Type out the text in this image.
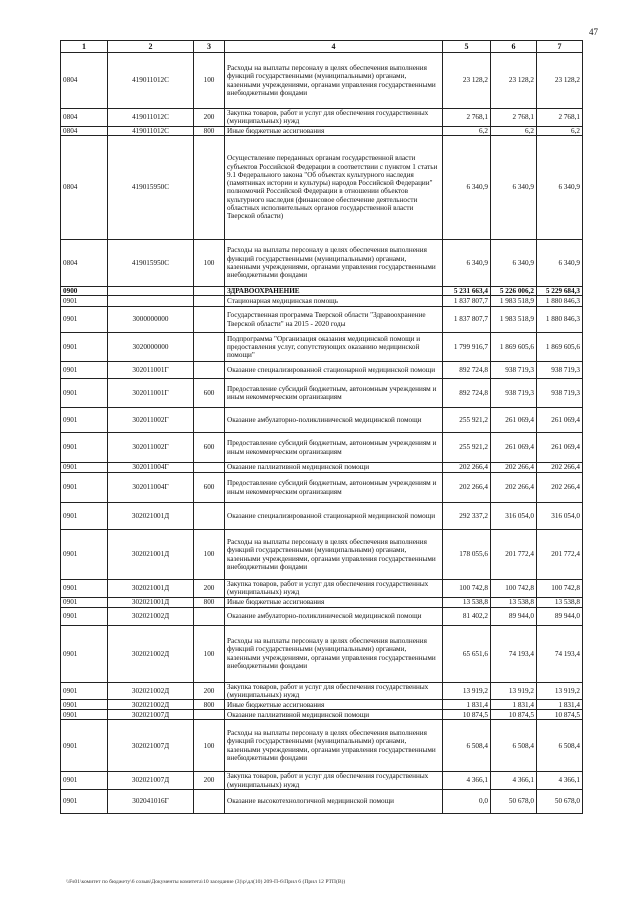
47
1	2	3	4	5	6	7
0804	419011012С	100	Расходы на выплаты персоналу в целях обеспечения выполнения функций государственными (муниципальными) органами, казенными учреждениями, органами управления государственными внебюджетными фондами	23 128,2	23 128,2	23 128,2
0804	419011012С	200	Закупка товаров, работ и услуг для обеспечения государственных (муниципальных) нужд	2 768,1	2 768,1	2 768,1
0804	419011012С	800	Иные бюджетные ассигнования	6,2	6,2	6,2
0804	419015950С		Осуществление переданных органам государственной власти субъектов Российской Федерации в соответствии с пунктом 1 статьи 9.1 Федерального закона "Об объектах культурного наследия (памятниках истории и культуры) народов Российской Федерации" полномочий Российской Федерации в отношении объектов культурного наследия (финансовое обеспечение деятельности областных исполнительных органов государственной власти Тверской области)	6 340,9	6 340,9	6 340,9
0804	419015950С	100	Расходы на выплаты персоналу в целях обеспечения выполнения функций государственными (муниципальными) органами, казенными учреждениями, органами управления государственными внебюджетными фондами	6 340,9	6 340,9	6 340,9
0900			ЗДРАВООХРАНЕНИЕ	5 231 663,4	5 226 006,2	5 229 684,3
0901			Стационарная медицинская помощь	1 837 807,7	1 983 518,9	1 880 846,3
0901	3000000000		Государственная программа Тверской области "Здравоохранение Тверской области" на 2015 - 2020 годы	1 837 807,7	1 983 518,9	1 880 846,3
0901	3020000000		Подпрограмма "Организация оказания медицинской помощи и предоставления услуг, сопутствующих оказанию медицинской помощи"	1 799 916,7	1 869 605,6	1 869 605,6
0901	302011001Г		Оказание специализированной стационарной медицинской помощи	892 724,8	938 719,3	938 719,3
0901	302011001Г	600	Предоставление субсидий бюджетным, автономным учреждениям и иным некоммерческим организациям	892 724,8	938 719,3	938 719,3
0901	302011002Г		Оказание амбулаторно-поликлинической медицинской помощи	255 921,2	261 069,4	261 069,4
0901	302011002Г	600	Предоставление субсидий бюджетным, автономным учреждениям и иным некоммерческим организациям	255 921,2	261 069,4	261 069,4
0901	302011004Г		Оказание паллиативной медицинской помощи	202 266,4	202 266,4	202 266,4
0901	302011004Г	600	Предоставление субсидий бюджетным, автономным учреждениям и иным некоммерческим организациям	202 266,4	202 266,4	202 266,4
0901	302021001Д		Оказание специализированной стационарной медицинской помощи	292 337,2	316 054,0	316 054,0
0901	302021001Д	100	Расходы на выплаты персоналу в целях обеспечения выполнения функций государственными (муниципальными) органами, казенными учреждениями, органами управления государственными внебюджетными фондами	178 055,6	201 772,4	201 772,4
0901	302021001Д	200	Закупка товаров, работ и услуг для обеспечения государственных (муниципальных) нужд	100 742,8	100 742,8	100 742,8
0901	302021001Д	800	Иные бюджетные ассигнования	13 538,8	13 538,8	13 538,8
0901	302021002Д		Оказание амбулаторно-поликлинической медицинской помощи	81 402,2	89 944,0	89 944,0
0901	302021002Д	100	Расходы на выплаты персоналу в целях обеспечения выполнения функций государственными (муниципальными) органами, казенными учреждениями, органами управления государственными внебюджетными фондами	65 651,6	74 193,4	74 193,4
0901	302021002Д	200	Закупка товаров, работ и услуг для обеспечения государственных (муниципальных) нужд	13 919,2	13 919,2	13 919,2
0901	302021002Д	800	Иные бюджетные ассигнования	1 831,4	1 831,4	1 831,4
0901	302021007Д		Оказание паллиативной медицинской помощи	10 874,5	10 874,5	10 874,5
0901	302021007Д	100	Расходы на выплаты персоналу в целях обеспечения выполнения функций государственными (муниципальными) органами, казенными учреждениями, органами управления государственными внебюджетными фондами	6 508,4	6 508,4	6 508,4
0901	302021007Д	200	Закупка товаров, работ и услуг для обеспечения государственных (муниципальных) нужд	4 366,1	4 366,1	4 366,1
0901	302041016Г		Оказание высокотехнологичной медицинской помощи	0,0	50 678,0	50 678,0
\\Fs01\комитет по бюджету\6 созыв\Документы комитета\10 заседание (3)\р\дл(10) 209-П-6\Прил 6 (Прил 12 РТП(В))
